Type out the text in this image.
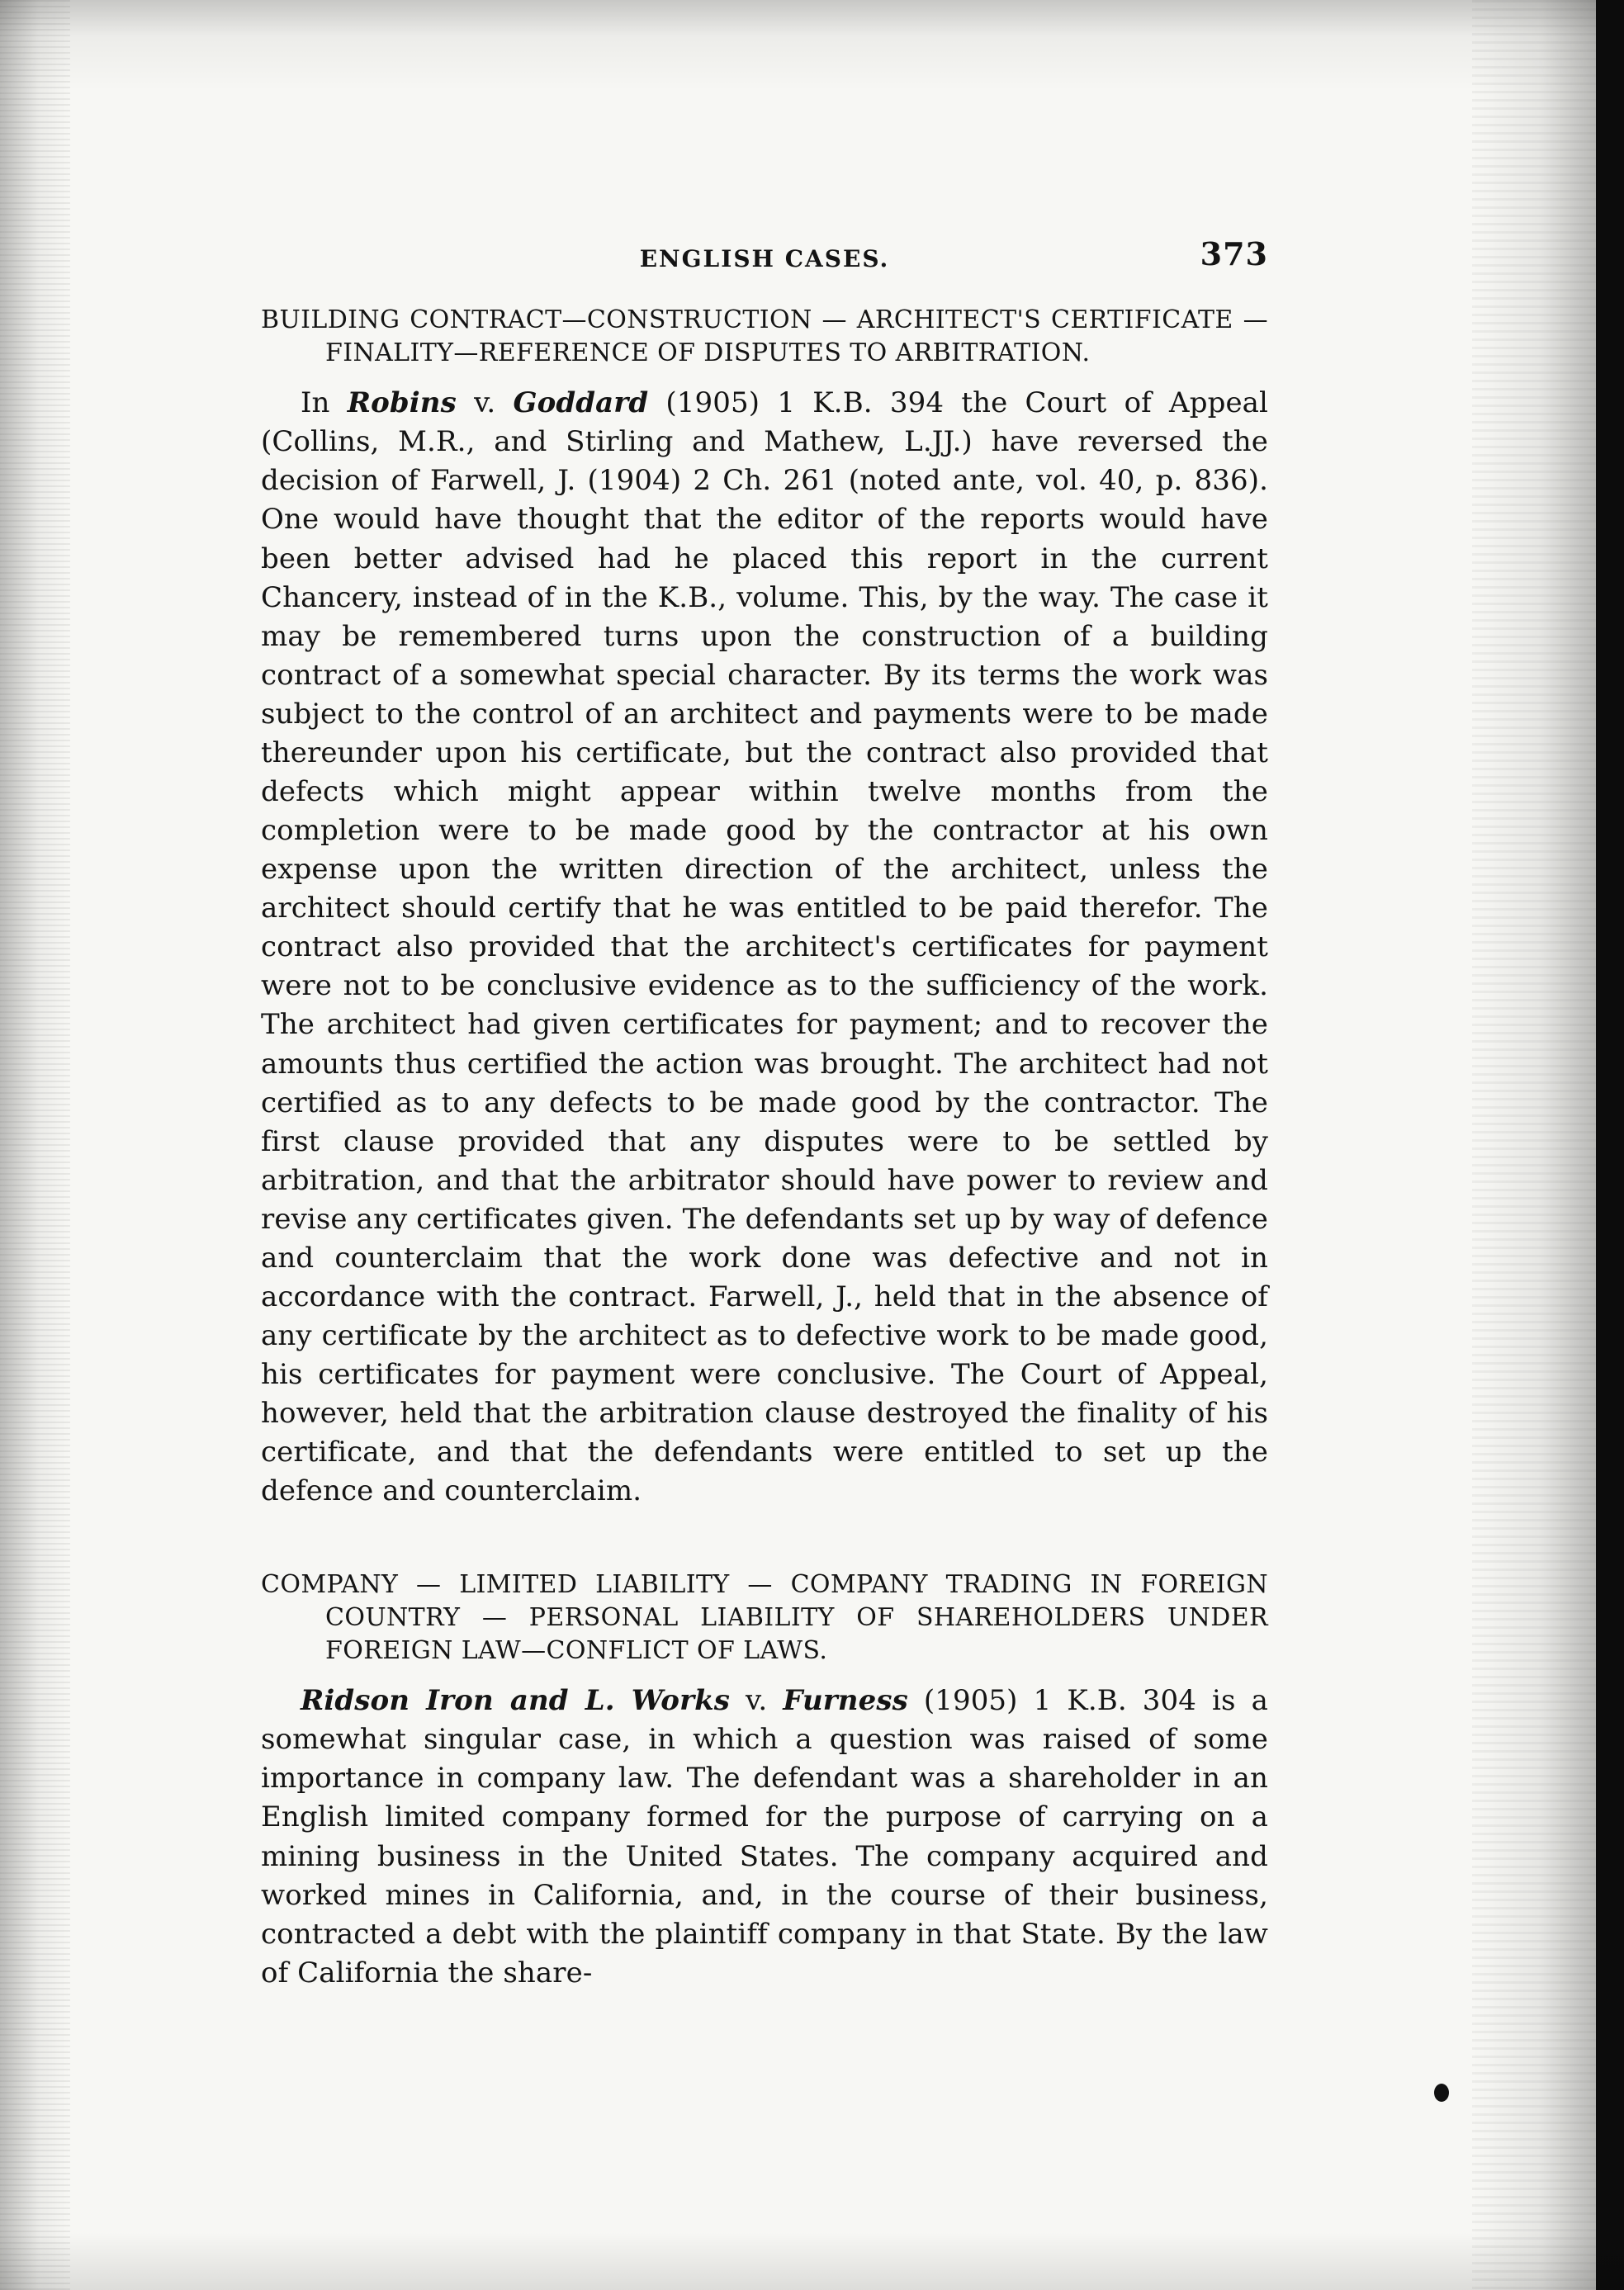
ENGLISH CASES.	373

BUILDING CONTRACT—CONSTRUCTION — ARCHITECT'S CERTIFICATE —FINALITY—REFERENCE OF DISPUTES TO ARBITRATION.

In Robins v. Goddard (1905) 1 K.B. 394 the Court of Appeal (Collins, M.R., and Stirling and Mathew, L.JJ.) have reversed the decision of Farwell, J. (1904) 2 Ch. 261 (noted ante, vol. 40, p. 836). One would have thought that the editor of the reports would have been better advised had he placed this report in the current Chancery, instead of in the K.B., volume. This, by the way. The case it may be remembered turns upon the construction of a building contract of a somewhat special character. By its terms the work was subject to the control of an architect and payments were to be made thereunder upon his certificate, but the contract also provided that defects which might appear within twelve months from the completion were to be made good by the contractor at his own expense upon the written direction of the architect, unless the architect should certify that he was entitled to be paid therefor. The contract also provided that the architect's certificates for payment were not to be conclusive evidence as to the sufficiency of the work. The architect had given certificates for payment; and to recover the amounts thus certified the action was brought. The architect had not certified as to any defects to be made good by the contractor. The first clause provided that any disputes were to be settled by arbitration, and that the arbitrator should have power to review and revise any certificates given. The defendants set up by way of defence and counterclaim that the work done was defective and not in accordance with the contract. Farwell, J., held that in the absence of any certificate by the architect as to defective work to be made good, his certificates for payment were conclusive. The Court of Appeal, however, held that the arbitration clause destroyed the finality of his certificate, and that the defendants were entitled to set up the defence and counterclaim.

COMPANY — LIMITED LIABILITY — COMPANY TRADING IN FOREIGN COUNTRY — PERSONAL LIABILITY OF SHAREHOLDERS UNDER FOREIGN LAW—CONFLICT OF LAWS.

Ridson Iron and L. Works v. Furness (1905) 1 K.B. 304 is a somewhat singular case, in which a question was raised of some importance in company law. The defendant was a shareholder in an English limited company formed for the purpose of carrying on a mining business in the United States. The company acquired and worked mines in California, and, in the course of their business, contracted a debt with the plaintiff company in that State. By the law of California the share-
